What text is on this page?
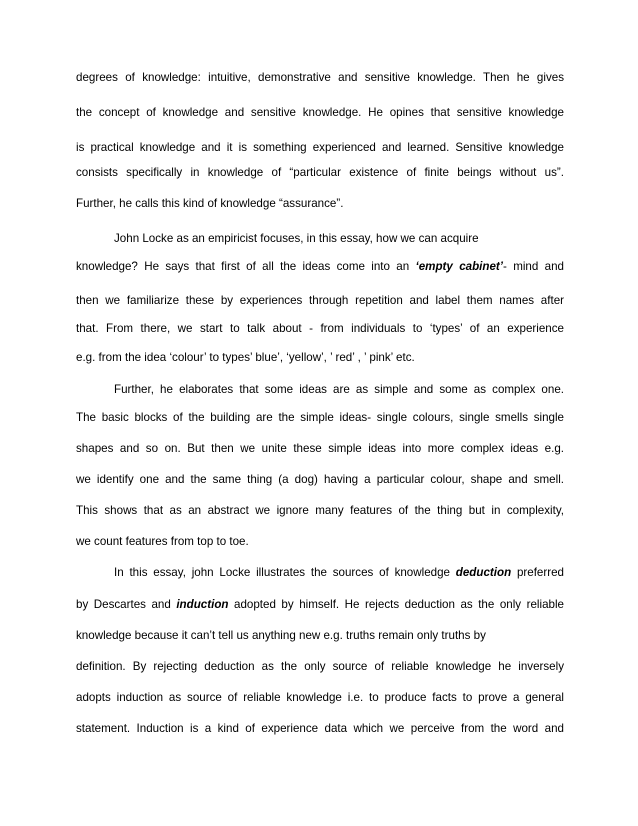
degrees of knowledge: intuitive, demonstrative and sensitive knowledge. Then he gives
the concept of knowledge and sensitive knowledge. He opines that sensitive knowledge
is practical knowledge and it is something experienced and learned. Sensitive knowledge
consists specifically in knowledge of “particular existence of finite beings without us”.
Further, he calls this kind of knowledge “assurance”.
John Locke as an empiricist focuses, in this essay, how we can acquire
knowledge? He says that first of all the ideas come into an ‘empty cabinet’- mind and
then we familiarize these by experiences through repetition and label them names after
that. From there, we start to talk about - from individuals to ‘types’ of an experience
e.g. from the idea ‘colour’ to types’ blue’, ‘yellow’, ’ red’ , ’ pink’ etc.
Further, he elaborates that some ideas are as simple and some as complex one.
The basic blocks of the building are the simple ideas- single colours, single smells single
shapes and so on. But then we unite these simple ideas into more complex ideas e.g.
we identify one and the same thing (a dog) having a particular colour, shape and smell.
This shows that as an abstract we ignore many features of the thing but in complexity,
we count features from top to toe.
In this essay, john Locke illustrates the sources of knowledge deduction preferred
by Descartes and induction adopted by himself. He rejects deduction as the only reliable
knowledge because it can’t tell us anything new e.g. truths remain only truths by
definition. By rejecting deduction as the only source of reliable knowledge he inversely
adopts induction as source of reliable knowledge i.e. to produce facts to prove a general
statement. Induction is a kind of experience data which we perceive from the word and
